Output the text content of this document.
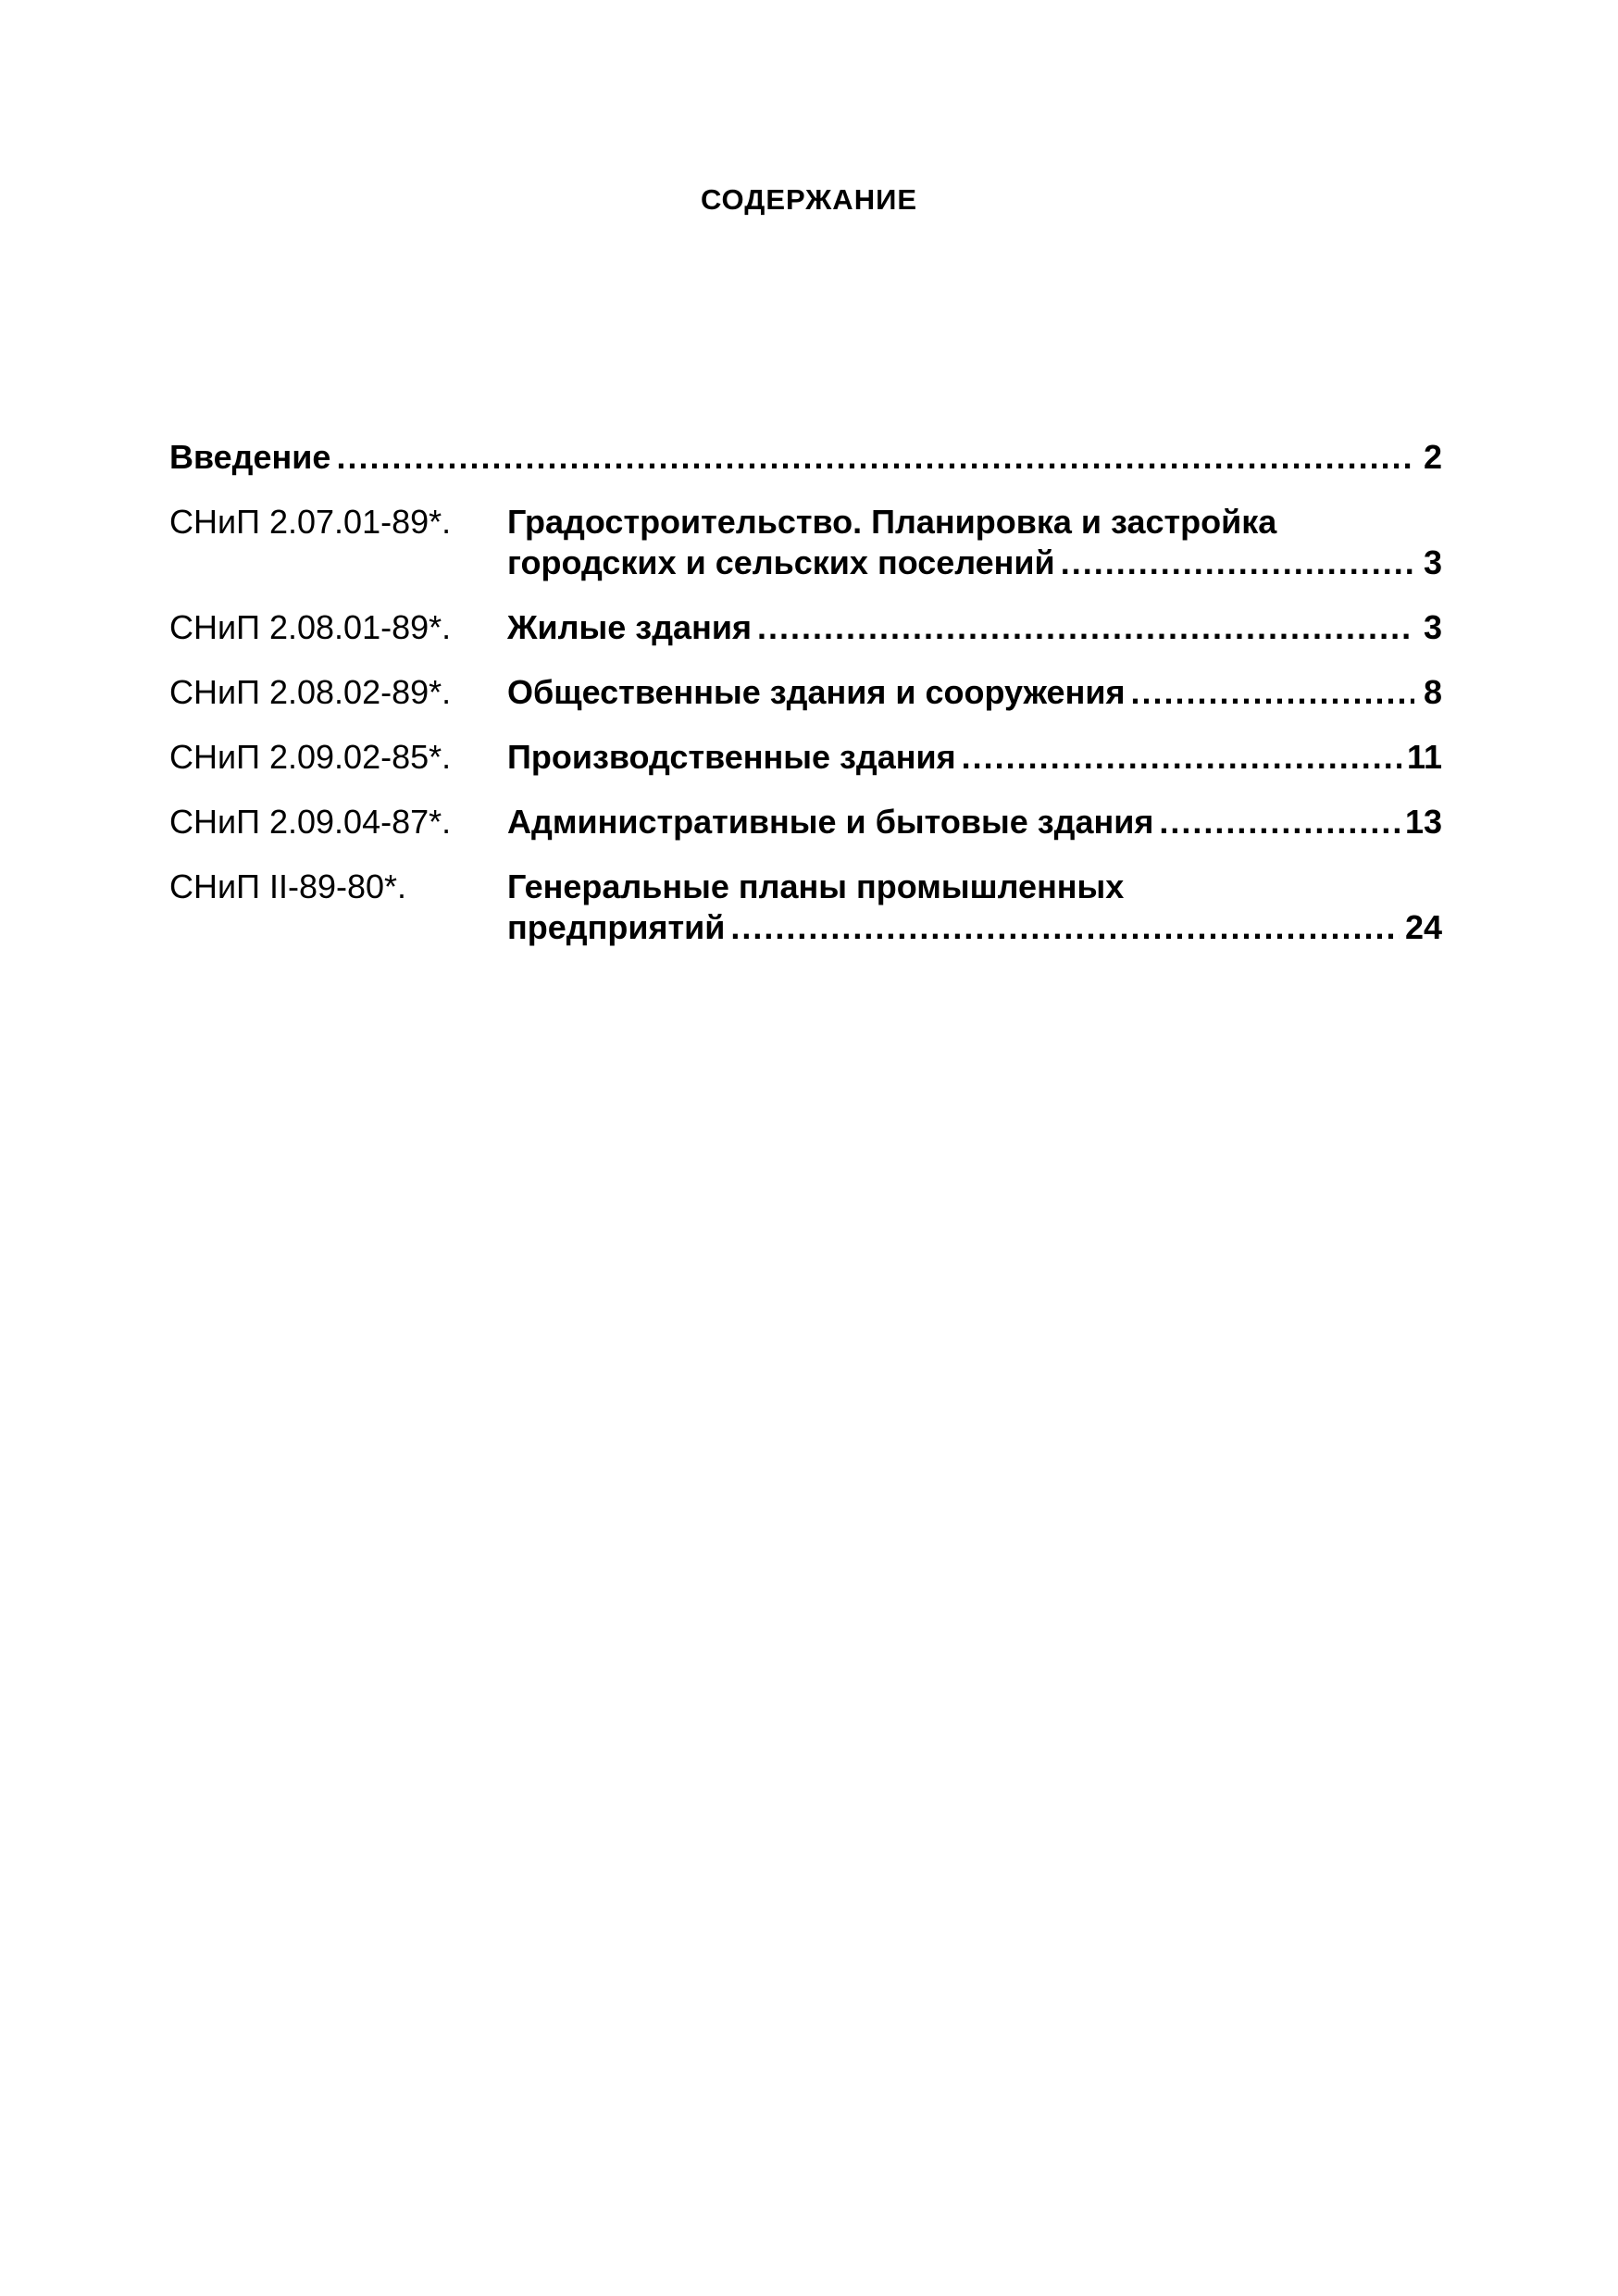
СОДЕРЖАНИЕ
Введение .....	2
СНиП 2.07.01-89*.	Градостроительство. Планировка и застройка
городских и сельских поселений .....	3
СНиП 2.08.01-89*.	Жилые здания .....	3
СНиП 2.08.02-89*.	Общественные здания и сооружения .....	8
СНиП 2.09.02-85*.	Производственные здания .....	11
СНиП 2.09.04-87*.	Административные и бытовые здания .....	13
СНиП II-89-80*.	Генеральные планы промышленных
предприятий .....	24
